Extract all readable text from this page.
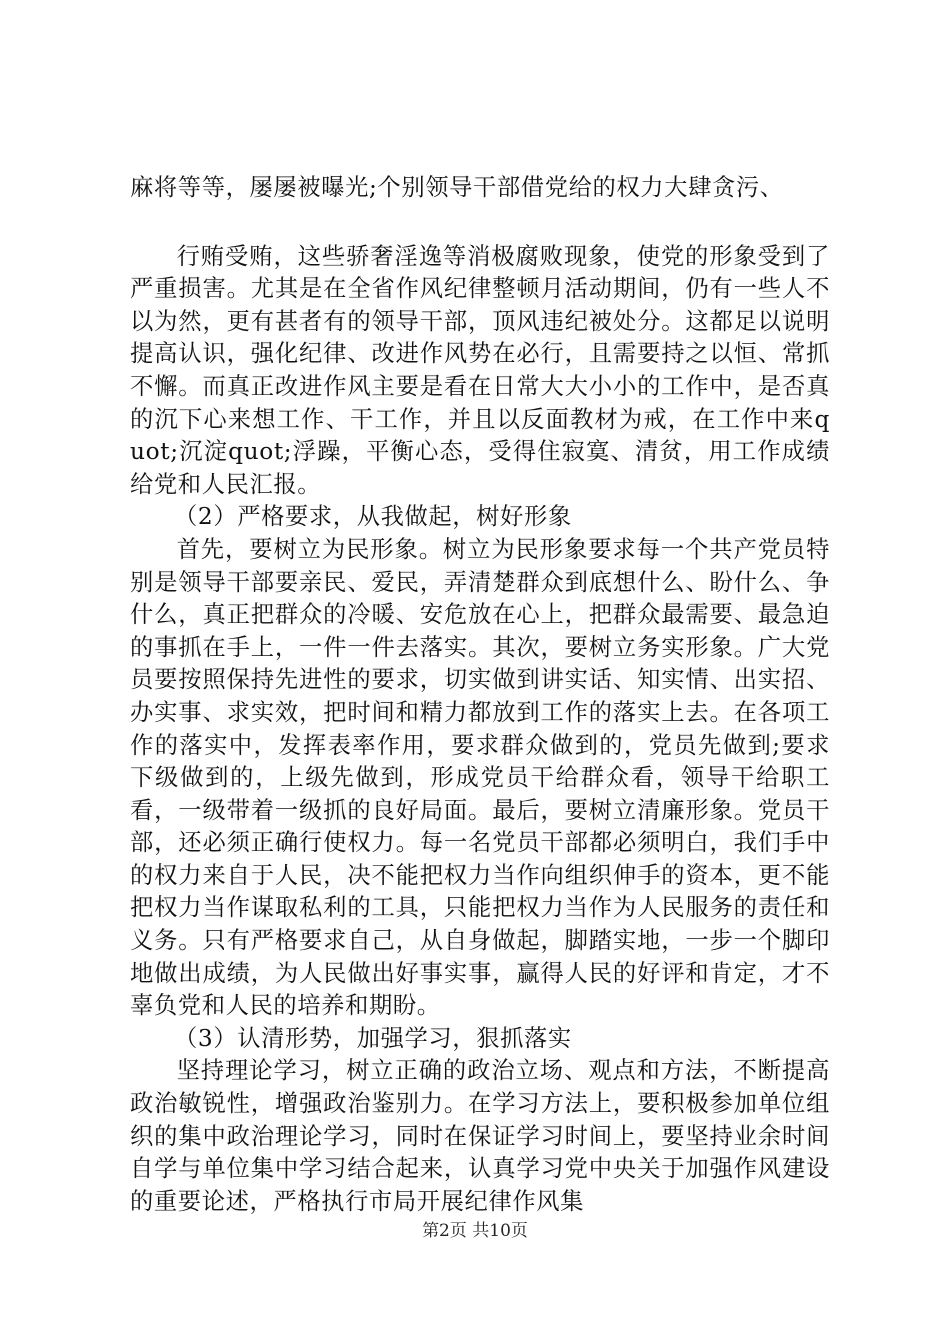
麻将等等，屡屡被曝光;个别领导干部借党给的权力大肆贪污、

行贿受贿，这些骄奢淫逸等消极腐败现象，使党的形象受到了严重损害。尤其是在全省作风纪律整顿月活动期间，仍有一些人不以为然，更有甚者有的领导干部，顶风违纪被处分。这都足以说明提高认识，强化纪律、改进作风势在必行，且需要持之以恒、常抓不懈。而真正改进作风主要是看在日常大大小小的工作中，是否真的沉下心来想工作、干工作，并且以反面教材为戒，在工作中来quot;沉淀quot;浮躁，平衡心态，受得住寂寞、清贫，用工作成绩给党和人民汇报。

（2）严格要求，从我做起，树好形象

首先，要树立为民形象。树立为民形象要求每一个共产党员特别是领导干部要亲民、爱民，弄清楚群众到底想什么、盼什么、争什么，真正把群众的冷暖、安危放在心上，把群众最需要、最急迫的事抓在手上，一件一件去落实。其次，要树立务实形象。广大党员要按照保持先进性的要求，切实做到讲实话、知实情、出实招、办实事、求实效，把时间和精力都放到工作的落实上去。在各项工作的落实中，发挥表率作用，要求群众做到的，党员先做到;要求下级做到的，上级先做到，形成党员干给群众看，领导干给职工看，一级带着一级抓的良好局面。最后，要树立清廉形象。党员干部，还必须正确行使权力。每一名党员干部都必须明白，我们手中的权力来自于人民，决不能把权力当作向组织伸手的资本，更不能把权力当作谋取私利的工具，只能把权力当作为人民服务的责任和义务。只有严格要求自己，从自身做起，脚踏实地，一步一个脚印地做出成绩，为人民做出好事实事，赢得人民的好评和肯定，才不辜负党和人民的培养和期盼。

（3）认清形势，加强学习，狠抓落实

坚持理论学习，树立正确的政治立场、观点和方法，不断提高政治敏锐性，增强政治鉴别力。在学习方法上，要积极参加单位组织的集中政治理论学习，同时在保证学习时间上，要坚持业余时间自学与单位集中学习结合起来，认真学习党中央关于加强作风建设的重要论述，严格执行市局开展纪律作风集

第2页 共10页
